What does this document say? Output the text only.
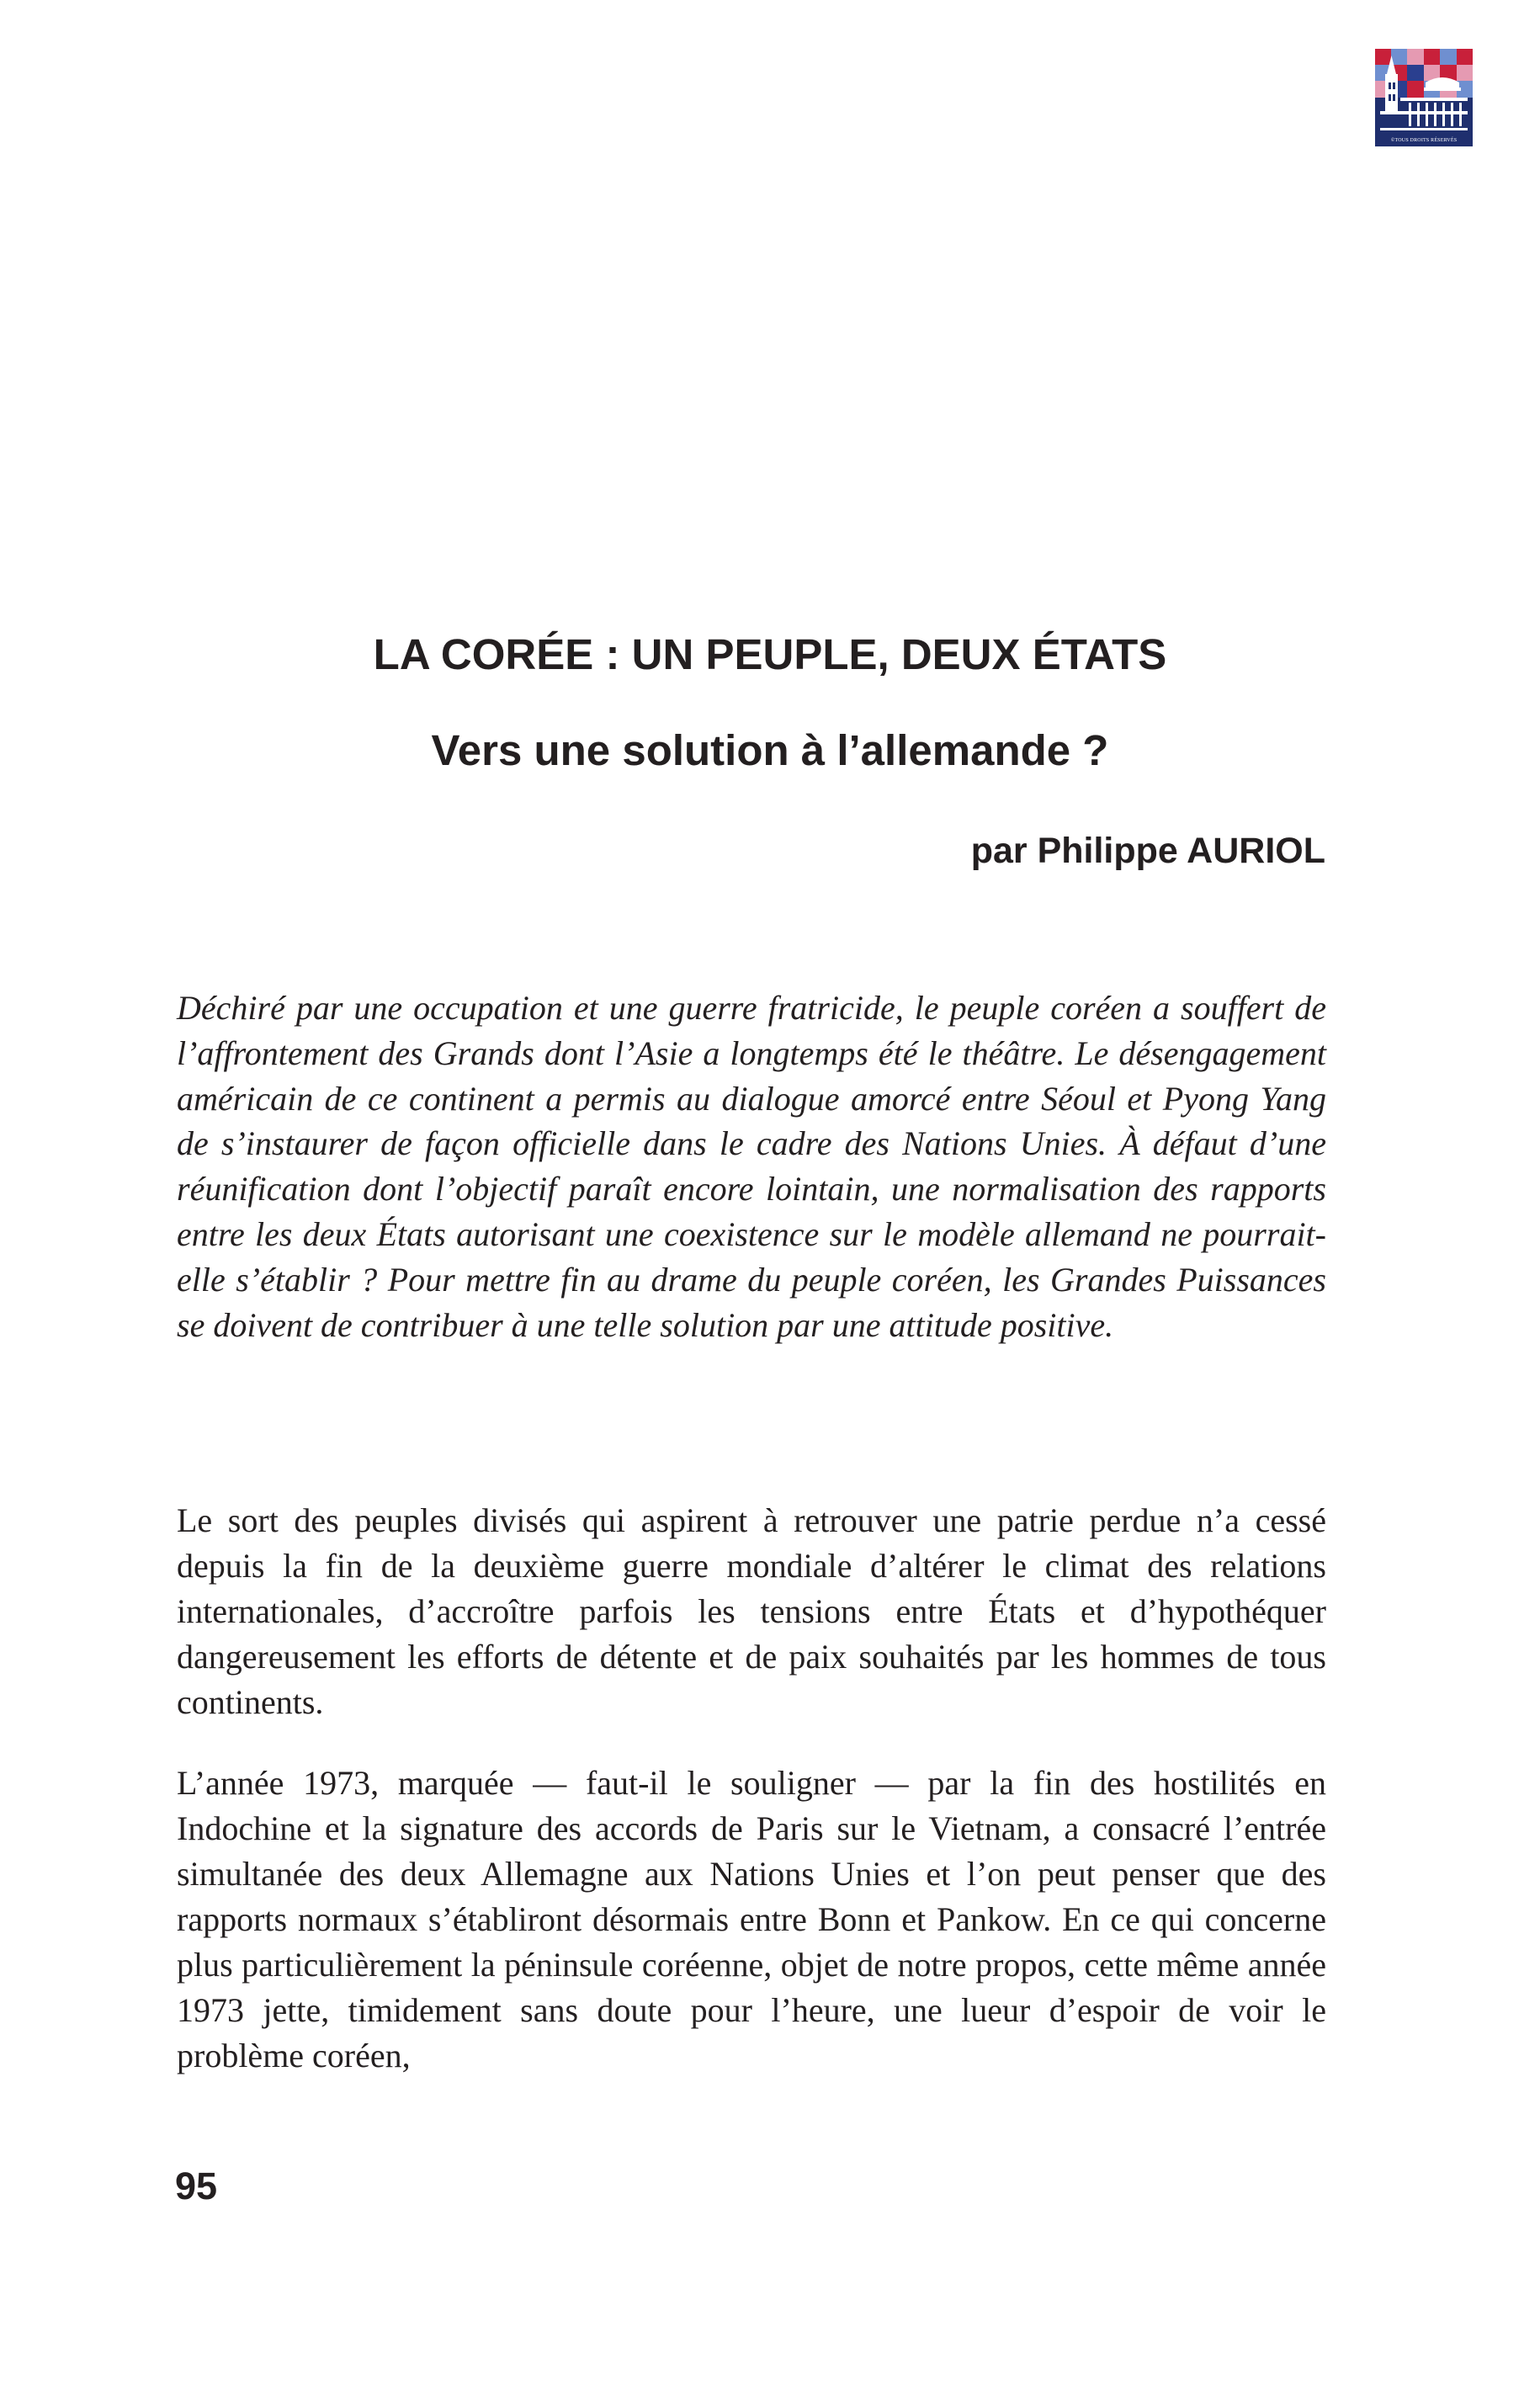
©TOUS DROITS RÉSERVÉS
LA CORÉE : UN PEUPLE, DEUX ÉTATS
Vers une solution à l’allemande ?

par Philippe AURIOL

Déchiré par une occupation et une guerre fratricide, le peuple coréen a souffert de l’affrontement des Grands dont l’Asie a longtemps été le théâtre. Le désengagement américain de ce continent a permis au dialogue amorcé entre Séoul et Pyong Yang de s’instaurer de façon officielle dans le cadre des Nations Unies. À défaut d’une réunification dont l’objectif paraît encore lointain, une normalisation des rapports entre les deux États autorisant une coexistence sur le modèle allemand ne pourrait-elle s’établir ? Pour mettre fin au drame du peuple coréen, les Grandes Puissances se doivent de contribuer à une telle solution par une attitude positive.

Le sort des peuples divisés qui aspirent à retrouver une patrie perdue n’a cessé depuis la fin de la deuxième guerre mondiale d’altérer le climat des relations internationales, d’accroître parfois les tensions entre États et d’hypothéquer dangereusement les efforts de détente et de paix souhaités par les hommes de tous continents.

L’année 1973, marquée — faut-il le souligner — par la fin des hostilités en Indochine et la signature des accords de Paris sur le Vietnam, a consacré l’entrée simultanée des deux Allemagne aux Nations Unies et l’on peut penser que des rapports normaux s’établiront désormais entre Bonn et Pankow. En ce qui concerne plus particulièrement la péninsule coréenne, objet de notre propos, cette même année 1973 jette, timidement sans doute pour l’heure, une lueur d’espoir de voir le problème coréen,

95
